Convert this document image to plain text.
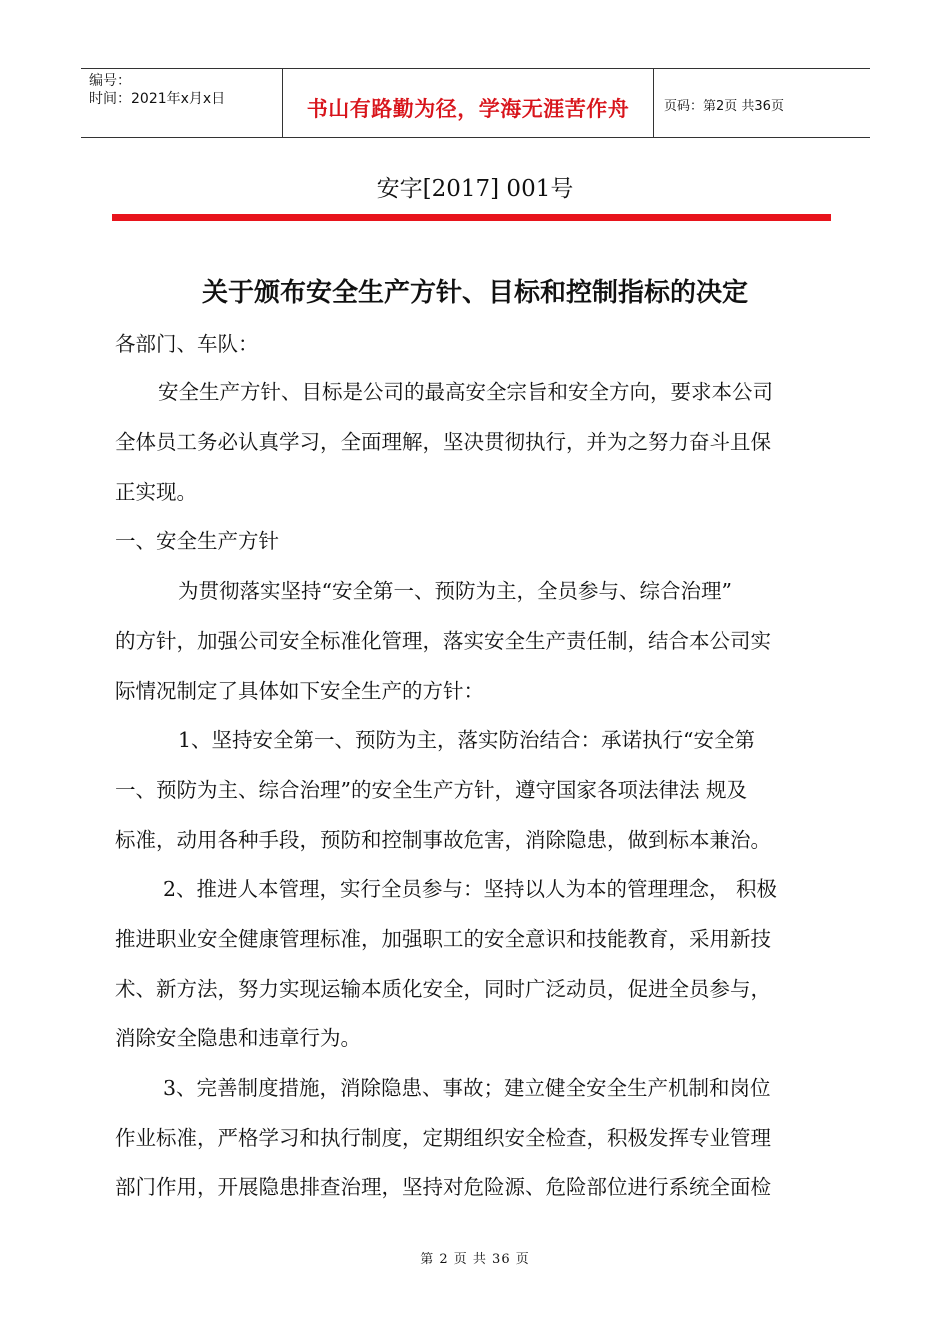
编号：
时间：2021年x月x日	书山有路勤为径，学海无涯苦作舟	页码：第2页 共36页
安字[2017] 001号
关于颁布安全生产方针、目标和控制指标的决定
各部门、车队：
安全生产方针、目标是公司的最高安全宗旨和安全方向，要求本公司
全体员工务必认真学习，全面理解，坚决贯彻执行，并为之努力奋斗且保
正实现。
一、安全生产方针
为贯彻落实坚持“安全第一、预防为主，全员参与、综合治理”
的方针，加强公司安全标准化管理，落实安全生产责任制，结合本公司实
际情况制定了具体如下安全生产的方针：
1、坚持安全第一、预防为主，落实防治结合：承诺执行“安全第
一、预防为主、综合治理”的安全生产方针，遵守国家各项法律法 规及
标准，动用各种手段，预防和控制事故危害，消除隐患，做到标本兼治。
2、推进人本管理，实行全员参与：坚持以人为本的管理理念， 积极
推进职业安全健康管理标准，加强职工的安全意识和技能教育，采用新技
术、新方法，努力实现运输本质化安全，同时广泛动员，促进全员参与，
消除安全隐患和违章行为。
3、完善制度措施，消除隐患、事故；建立健全安全生产机制和岗位
作业标准，严格学习和执行制度，定期组织安全检查，积极发挥专业管理
部门作用，开展隐患排查治理，坚持对危险源、危险部位进行系统全面检
第 2 页 共 36 页
